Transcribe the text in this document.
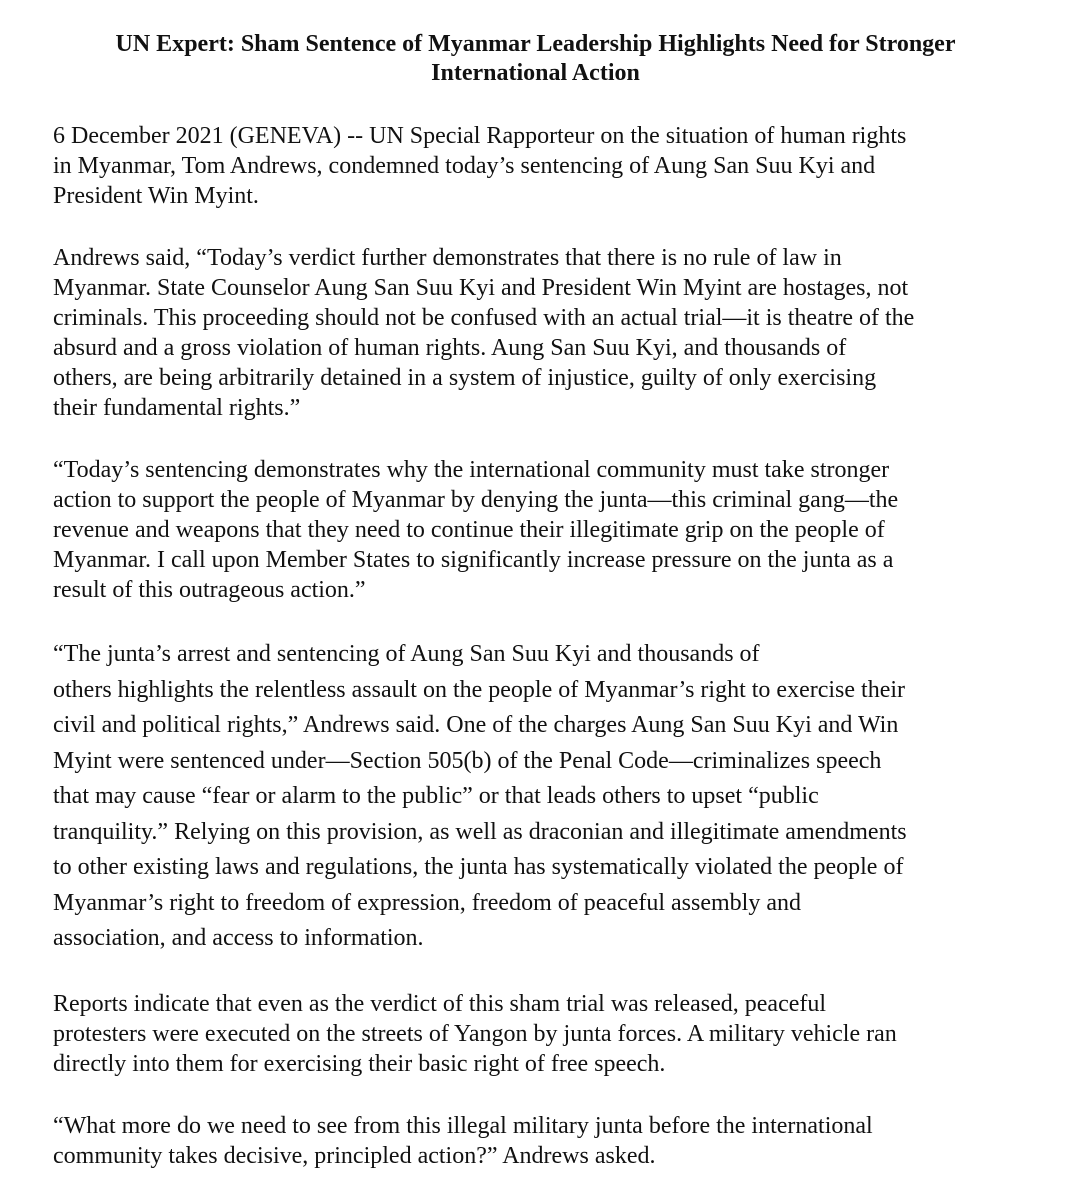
UN Expert: Sham Sentence of Myanmar Leadership Highlights Need for Stronger
International Action

6 December 2021 (GENEVA) -- UN Special Rapporteur on the situation of human rights
in Myanmar, Tom Andrews, condemned today’s sentencing of Aung San Suu Kyi and
President Win Myint.

Andrews said, “Today’s verdict further demonstrates that there is no rule of law in
Myanmar. State Counselor Aung San Suu Kyi and President Win Myint are hostages, not
criminals. This proceeding should not be confused with an actual trial—it is theatre of the
absurd and a gross violation of human rights. Aung San Suu Kyi, and thousands of
others, are being arbitrarily detained in a system of injustice, guilty of only exercising
their fundamental rights.”

“Today’s sentencing demonstrates why the international community must take stronger
action to support the people of Myanmar by denying the junta—this criminal gang—the
revenue and weapons that they need to continue their illegitimate grip on the people of
Myanmar. I call upon Member States to significantly increase pressure on the junta as a
result of this outrageous action.”

“The junta’s arrest and sentencing of Aung San Suu Kyi and thousands of
others highlights the relentless assault on the people of Myanmar’s right to exercise their
civil and political rights,” Andrews said. One of the charges Aung San Suu Kyi and Win
Myint were sentenced under—Section 505(b) of the Penal Code—criminalizes speech
that may cause “fear or alarm to the public” or that leads others to upset “public
tranquility.” Relying on this provision, as well as draconian and illegitimate amendments
to other existing laws and regulations, the junta has systematically violated the people of
Myanmar’s right to freedom of expression, freedom of peaceful assembly and
association, and access to information.

Reports indicate that even as the verdict of this sham trial was released, peaceful
protesters were executed on the streets of Yangon by junta forces. A military vehicle ran
directly into them for exercising their basic right of free speech.

“What more do we need to see from this illegal military junta before the international
community takes decisive, principled action?” Andrews asked.
